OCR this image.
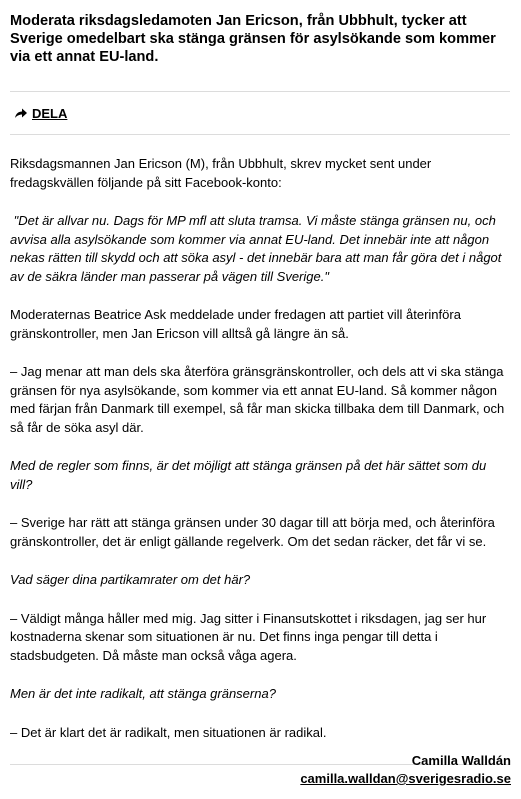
Moderata riksdagsledamoten Jan Ericson, från Ubbhult, tycker att Sverige omedelbart ska stänga gränsen för asylsökande som kommer via ett annat EU-land.

DELA

Riksdagsmannen Jan Ericson (M), från Ubbhult, skrev mycket sent under fredagskvällen följande på sitt Facebook-konto:

"Det är allvar nu. Dags för MP mfl att sluta tramsa. Vi måste stänga gränsen nu, och avvisa alla asylsökande som kommer via annat EU-land. Det innebär inte att någon nekas rätten till skydd och att söka asyl - det innebär bara att man får göra det i något av de säkra länder man passerar på vägen till Sverige."

Moderaternas Beatrice Ask meddelade under fredagen att partiet vill återinföra gränskontroller, men Jan Ericson vill alltså gå längre än så.

– Jag menar att man dels ska återföra gränsgränskontroller, och dels att vi ska stänga gränsen för nya asylsökande, som kommer via ett annat EU-land. Så kommer någon med färjan från Danmark till exempel, så får man skicka tillbaka dem till Danmark, och så får de söka asyl där.

Med de regler som finns, är det möjligt att stänga gränsen på det här sättet som du vill?

– Sverige har rätt att stänga gränsen under 30 dagar till att börja med, och återinföra gränskontroller, det är enligt gällande regelverk. Om det sedan räcker, det får vi se.

Vad säger dina partikamrater om det här?

– Väldigt många håller med mig. Jag sitter i Finansutskottet i riksdagen, jag ser hur kostnaderna skenar som situationen är nu. Det finns inga pengar till detta i stadsbudgeten. Då måste man också våga agera.

Men är det inte radikalt, att stänga gränserna?

– Det är klart det är radikalt, men situationen är radikal.

Camilla Walldán
camilla.walldan@sverigesradio.se
